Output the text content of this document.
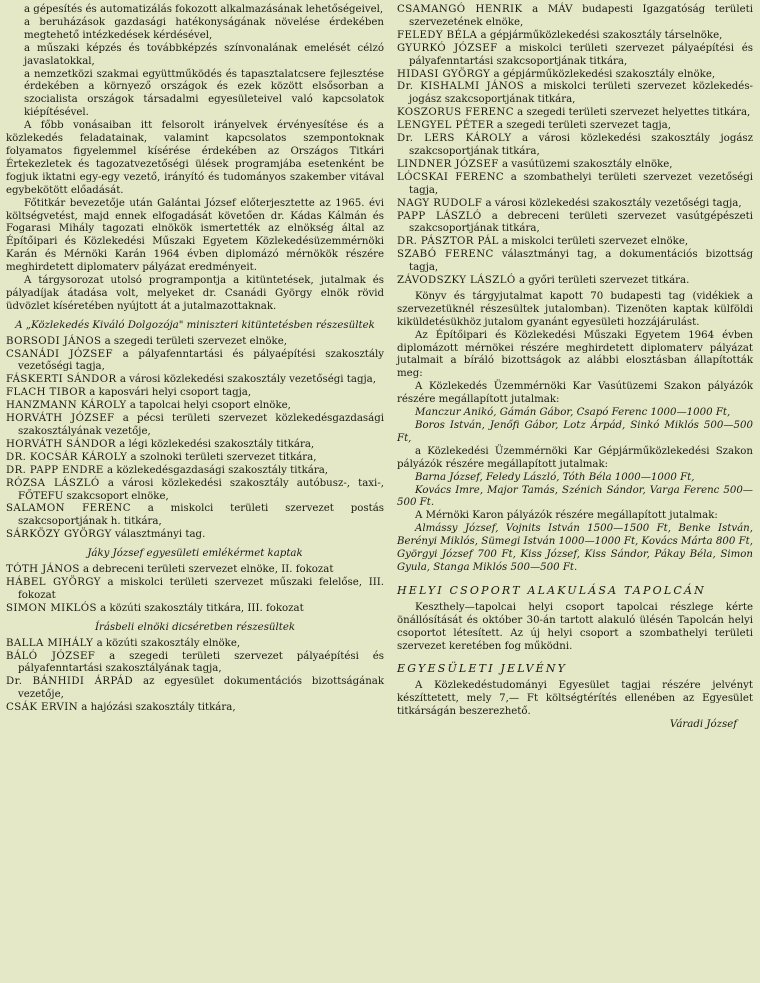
a gépesítés és automatizálás fokozott alkalmazásának lehetőségeivel,

a beruházások gazdasági hatékonyságának növelése érdekében megtehető intézkedések kérdésével,

a műszaki képzés és továbbképzés színvonalának emelését célzó javaslatokkal,

a nemzetközi szakmai együttműködés és tapasztalatcsere fejlesztése érdekében a környező országok és ezek között elsősorban a szocialista országok társadalmi egyesületeivel való kapcsolatok kiépítésével.

A főbb vonásaiban itt felsorolt irányelvek érvényesítése és a közlekedés feladatainak, valamint kapcsolatos szempontoknak folyamatos figyelemmel kísérése érdekében az Országos Titkári Értekezletek és tagozatvezetőségi ülések programjába esetenként be fogjuk iktatni egy-egy vezető, irányító és tudományos szakember vitával egybekötött előadását.

Főtitkár bevezetője után Galántai József előterjesztette az 1965. évi költségvetést, majd ennek elfogadását követően dr. Kádas Kálmán és Fogarasi Mihály tagozati elnökök ismertették az elnökség által az Építőipari és Közlekedési Műszaki Egyetem Közlekedésüzemmérnöki Karán és Mérnöki Karán 1964 évben diplomázó mérnökök részére meghirdetett diplomaterv pályázat eredményeit.

A tárgysorozat utolsó programpontja a kitüntetések, jutalmak és pályadíjak átadása volt, melyeket dr. Csanádi György elnök rövid üdvözlet kíséretében nyújtott át a jutalmazottaknak.

A „Közlekedés Kiváló Dolgozója" miniszteri kitüntetésben részesültek

BORSODI JÁNOS a szegedi területi szervezet elnöke,

CSANÁDI JÓZSEF a pályafenntartási és pályaépítési szakosztály vezetőségi tagja,

FÁSKERTI SÁNDOR a városi közlekedési szakosztály vezetőségi tagja,

FLACH TIBOR a kaposvári helyi csoport tagja,

HANZMANN KÁROLY a tapolcai helyi csoport elnöke,

HORVÁTH JÓZSEF a pécsi területi szervezet közlekedésgazdasági szakosztályának vezetője,

HORVÁTH SÁNDOR a légi közlekedési szakosztály titkára,

DR. KOCSÁR KÁROLY a szolnoki területi szervezet titkára,

DR. PAPP ENDRE a közlekedésgazdasági szakosztály titkára,

RÓZSA LÁSZLÓ a városi közlekedési szakosztály autóbusz-, taxi-, FŐTEFU szakcsoport elnöke,

SALAMON FERENC a miskolci területi szervezet postás szakcsoportjának h. titkára,

SÁRKÖZY GYÖRGY választmányi tag.

Jáky József egyesületi emlékérmet kaptak

TÓTH JÁNOS a debreceni területi szervezet elnöke, II. fokozat

HÁBEL GYÖRGY a miskolci területi szervezet műszaki felelőse, III. fokozat

SIMON MIKLÓS a közúti szakosztály titkára, III. fokozat

Írásbeli elnöki dicséretben részesültek

BALLA MIHÁLY a közúti szakosztály elnöke,

BÁLÓ JÓZSEF a szegedi területi szervezet pályaépítési és pályafenntartási szakosztályának tagja,

Dr. BÁNHIDI ÁRPÁD az egyesület dokumentációs bizottságának vezetője,

CSÁK ERVIN a hajózási szakosztály titkára,

CSAMANGÓ HENRIK a MÁV budapesti Igazgatóság területi szervezetének elnöke,

FELEDY BÉLA a gépjárműközlekedési szakosztály társelnöke,

GYURKÓ JÓZSEF a miskolci területi szervezet pályaépítési és pályafenntartási szakcsoportjának titkára,

HIDASI GYÖRGY a gépjárműközlekedési szakosztály elnöke,

Dr. KISHALMI JÁNOS a miskolci területi szervezet közlekedés-jogász szakcsoportjának titkára,

KOSZORUS FERENC a szegedi területi szervezet helyettes titkára,

LENGYEL PÉTER a szegedi területi szervezet tagja,

Dr. LERS KÁROLY a városi közlekedési szakosztály jogász szakcsoportjának titkára,

LINDNER JÓZSEF a vasútüzemi szakosztály elnöke,

LÓCSKAI FERENC a szombathelyi területi szervezet vezetőségi tagja,

NAGY RUDOLF a városi közlekedési szakosztály vezetőségi tagja,

PAPP LÁSZLÓ a debreceni területi szervezet vasútgépészeti szakcsoportjának titkára,

DR. PÁSZTOR PÁL a miskolci területi szervezet elnöke,

SZABÓ FERENC választmányi tag, a dokumentációs bizottság tagja,

ZÁVODSZKY LÁSZLÓ a győri területi szervezet titkára.

Könyv és tárgyjutalmat kapott 70 budapesti tag (vidékiek a szervezetüknél részesültek jutalomban). Tizenöten kaptak külföldi kiküldetésükhöz jutalom gyanánt egyesületi hozzájárulást.

Az Építőipari és Közlekedési Műszaki Egyetem 1964 évben diplomázott mérnökei részére meghirdetett diplomaterv pályázat jutalmait a bíráló bizottságok az alábbi elosztásban állapították meg:

A Közlekedés Üzemmérnöki Kar Vasútüzemi Szakon pályázók részére megállapított jutalmak:

Manczur Anikó, Gámán Gábor, Csapó Ferenc 1000—1000 Ft,

Boros István, Jenőfi Gábor, Lotz Árpád, Sinkó Miklós 500—500 Ft,

a Közlekedési Üzemmérnöki Kar Gépjárműközlekedési Szakon pályázók részére megállapított jutalmak:

Barna József, Feledy László, Tóth Béla 1000—1000 Ft,

Kovács Imre, Major Tamás, Szénich Sándor, Varga Ferenc 500—500 Ft.

A Mérnöki Karon pályázók részére megállapított jutalmak:

Almássy József, Vojnits István 1500—1500 Ft, Benke István, Berényi Miklós, Sümegi István 1000—1000 Ft, Kovács Márta 800 Ft, Györgyi József 700 Ft, Kiss József, Kiss Sándor, Pákay Béla, Simon Gyula, Stanga Miklós 500—500 Ft.

HELYI CSOPORT ALAKULÁSA TAPOLCÁN

Keszthely—tapolcai helyi csoport tapolcai részlege kérte önállósítását és október 30-án tartott alakuló ülésén Tapolcán helyi csoportot létesített. Az új helyi csoport a szombathelyi területi szervezet keretében fog működni.

EGYESÜLETI JELVÉNY

A Közlekedéstudományi Egyesület tagjai részére jelvényt készíttetett, mely 7,— Ft költségtérítés ellenében az Egyesület titkárságán beszerezhető.

Váradi József
